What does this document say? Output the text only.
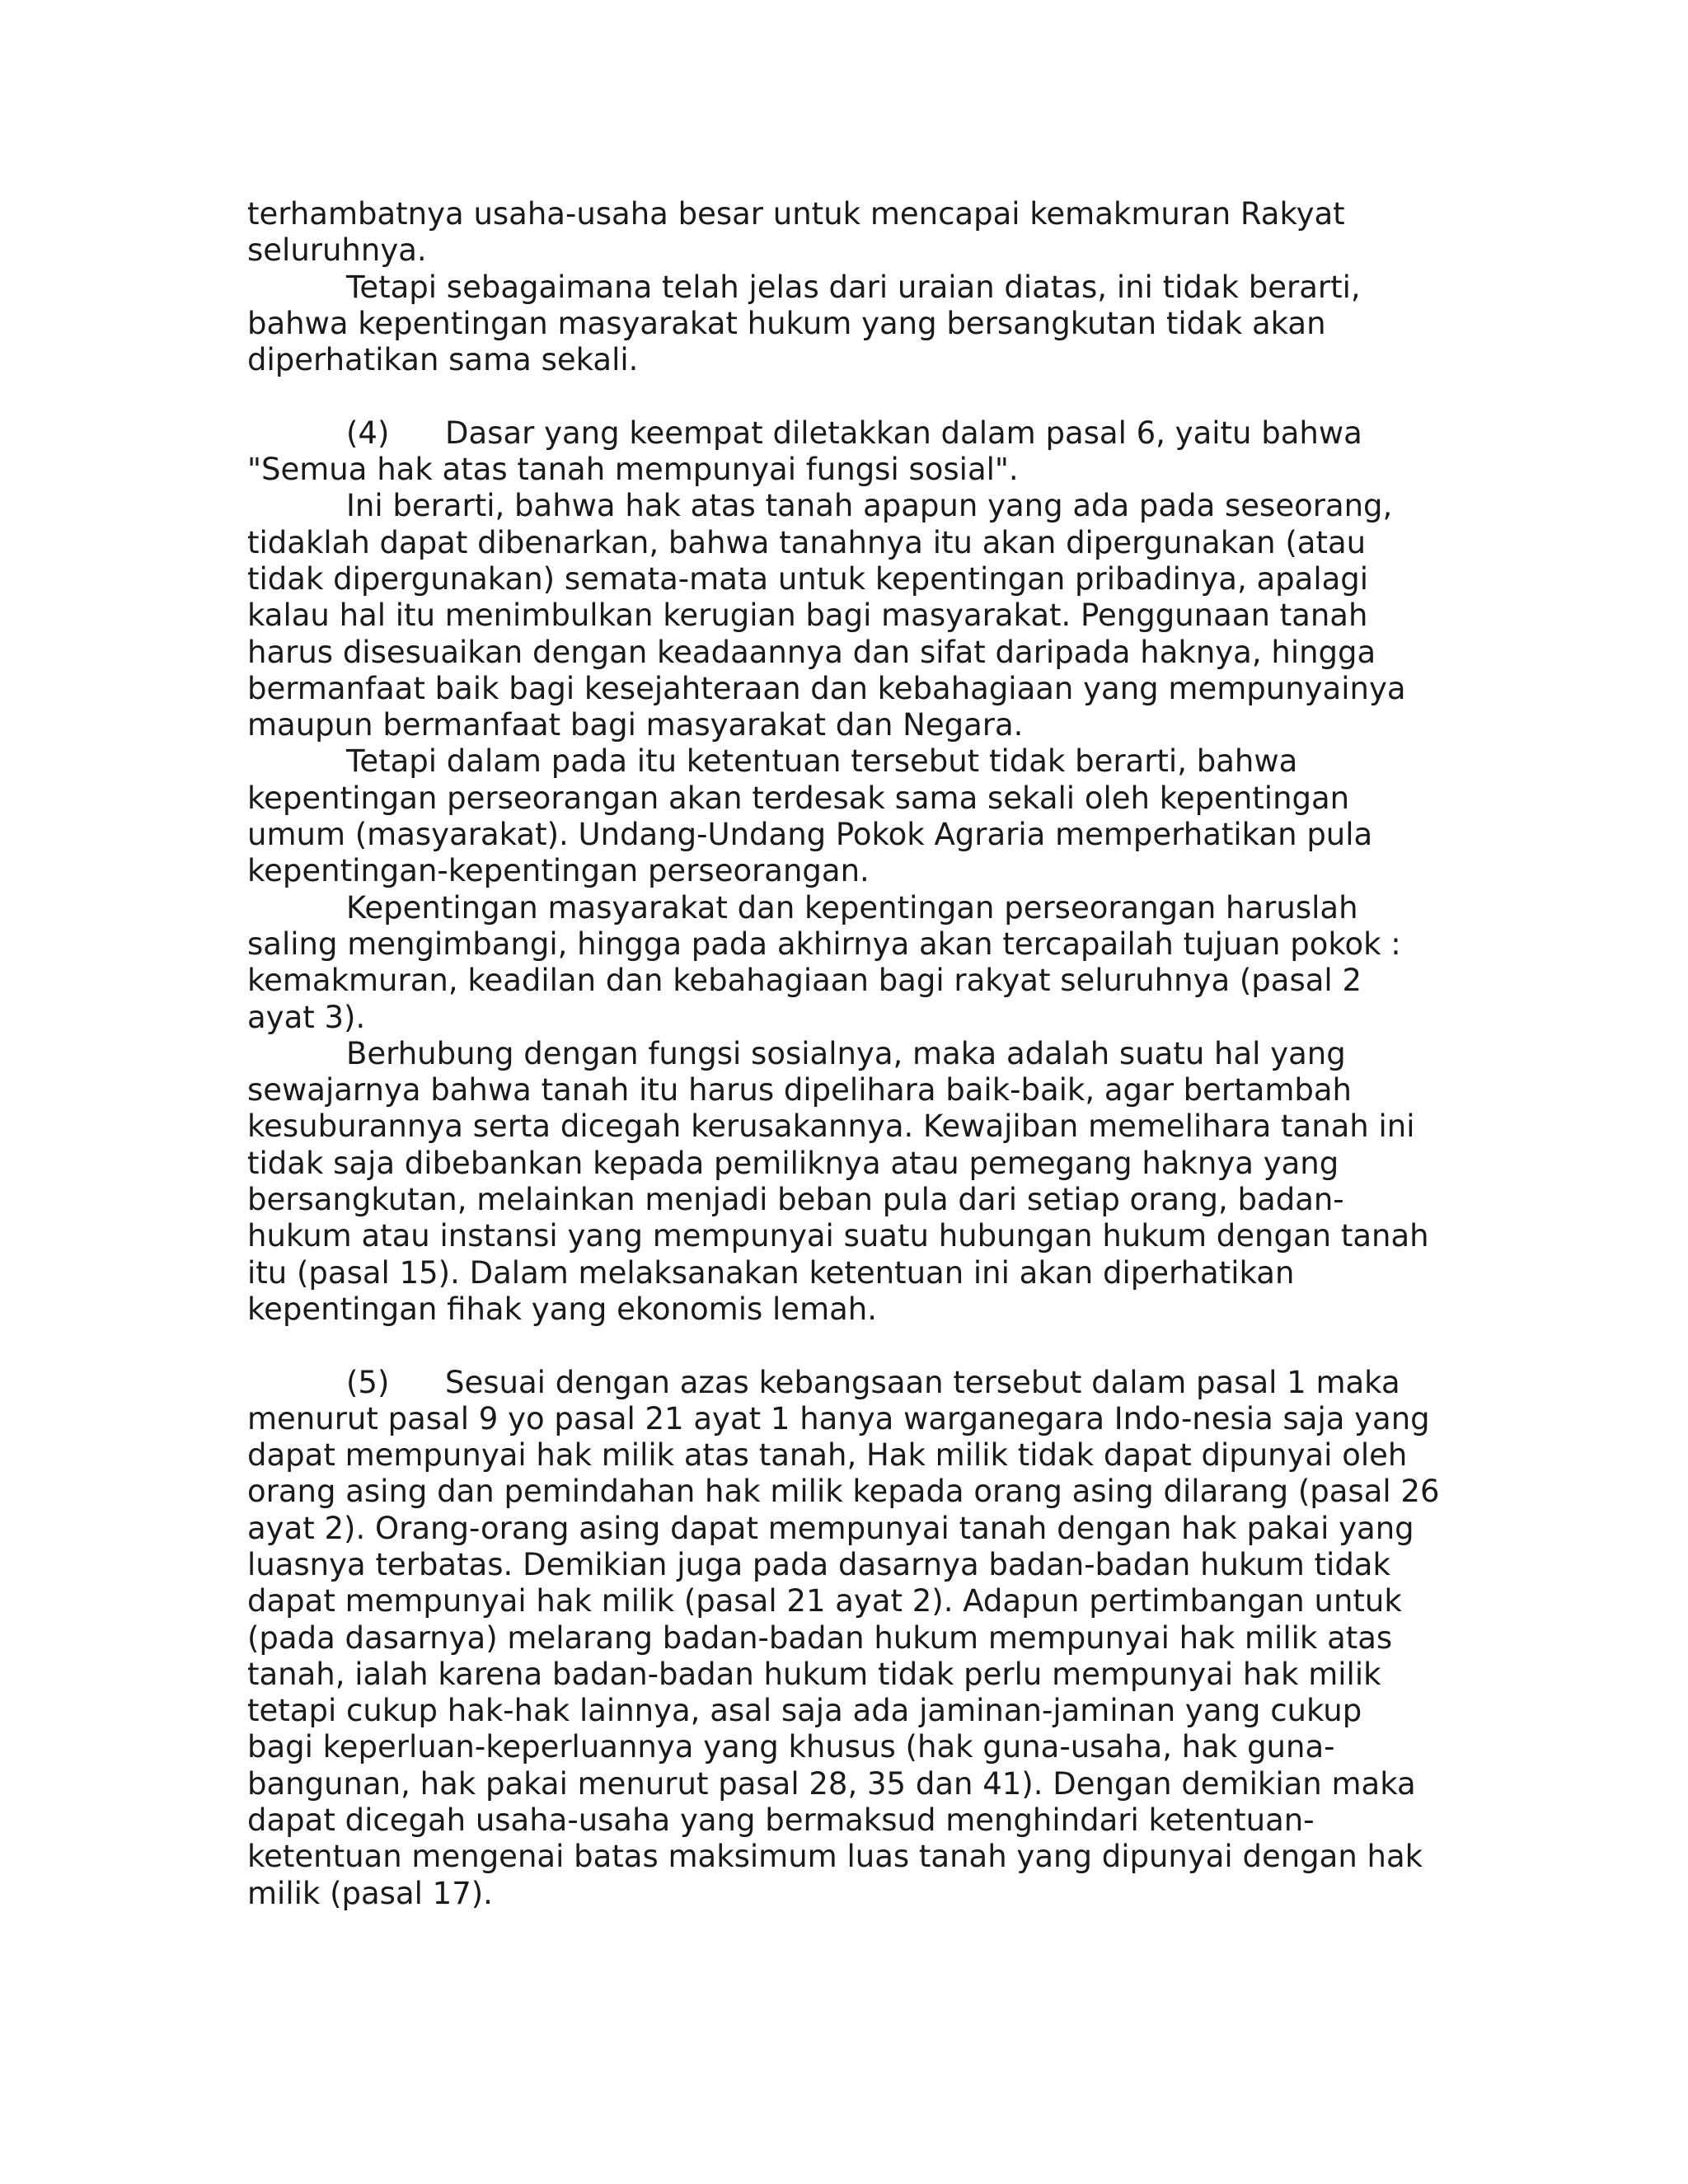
terhambatnya usaha-usaha besar untuk mencapai kemakmuran Rakyat
seluruhnya.
Tetapi sebagaimana telah jelas dari uraian diatas, ini tidak berarti,
bahwa kepentingan masyarakat hukum yang bersangkutan tidak akan
diperhatikan sama sekali.
(4) Dasar yang keempat diletakkan dalam pasal 6, yaitu bahwa
"Semua hak atas tanah mempunyai fungsi sosial".
Ini berarti, bahwa hak atas tanah apapun yang ada pada seseorang,
tidaklah dapat dibenarkan, bahwa tanahnya itu akan dipergunakan (atau
tidak dipergunakan) semata-mata untuk kepentingan pribadinya, apalagi
kalau hal itu menimbulkan kerugian bagi masyarakat. Penggunaan tanah
harus disesuaikan dengan keadaannya dan sifat daripada haknya, hingga
bermanfaat baik bagi kesejahteraan dan kebahagiaan yang mempunyainya
maupun bermanfaat bagi masyarakat dan Negara.
Tetapi dalam pada itu ketentuan tersebut tidak berarti, bahwa
kepentingan perseorangan akan terdesak sama sekali oleh kepentingan
umum (masyarakat). Undang-Undang Pokok Agraria memperhatikan pula
kepentingan-kepentingan perseorangan.
Kepentingan masyarakat dan kepentingan perseorangan haruslah
saling mengimbangi, hingga pada akhirnya akan tercapailah tujuan pokok :
kemakmuran, keadilan dan kebahagiaan bagi rakyat seluruhnya (pasal 2
ayat 3).
Berhubung dengan fungsi sosialnya, maka adalah suatu hal yang
sewajarnya bahwa tanah itu harus dipelihara baik-baik, agar bertambah
kesuburannya serta dicegah kerusakannya. Kewajiban memelihara tanah ini
tidak saja dibebankan kepada pemiliknya atau pemegang haknya yang
bersangkutan, melainkan menjadi beban pula dari setiap orang, badan-
hukum atau instansi yang mempunyai suatu hubungan hukum dengan tanah
itu (pasal 15). Dalam melaksanakan ketentuan ini akan diperhatikan
kepentingan fihak yang ekonomis lemah.
(5) Sesuai dengan azas kebangsaan tersebut dalam pasal 1 maka
menurut pasal 9 yo pasal 21 ayat 1 hanya warganegara Indo-nesia saja yang
dapat mempunyai hak milik atas tanah, Hak milik tidak dapat dipunyai oleh
orang asing dan pemindahan hak milik kepada orang asing dilarang (pasal 26
ayat 2). Orang-orang asing dapat mempunyai tanah dengan hak pakai yang
luasnya terbatas. Demikian juga pada dasarnya badan-badan hukum tidak
dapat mempunyai hak milik (pasal 21 ayat 2). Adapun pertimbangan untuk
(pada dasarnya) melarang badan-badan hukum mempunyai hak milik atas
tanah, ialah karena badan-badan hukum tidak perlu mempunyai hak milik
tetapi cukup hak-hak lainnya, asal saja ada jaminan-jaminan yang cukup
bagi keperluan-keperluannya yang khusus (hak guna-usaha, hak guna-
bangunan, hak pakai menurut pasal 28, 35 dan 41). Dengan demikian maka
dapat dicegah usaha-usaha yang bermaksud menghindari ketentuan-
ketentuan mengenai batas maksimum luas tanah yang dipunyai dengan hak
milik (pasal 17).
